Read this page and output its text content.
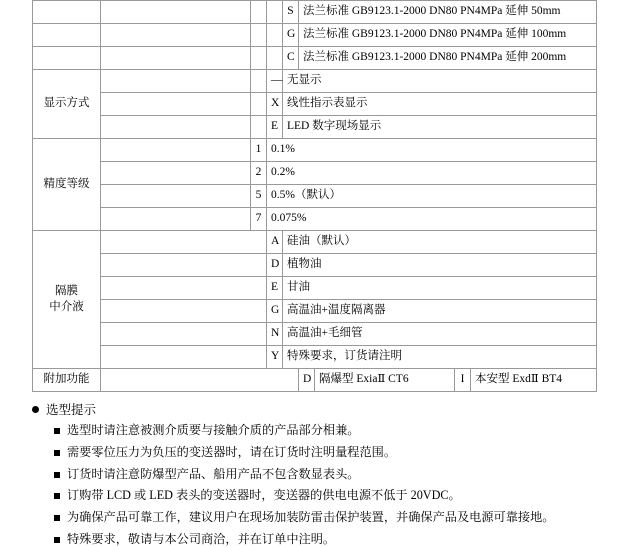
				S	法兰标准 GB9123.1-2000 DN80 PN4MPa 延伸 50mm			
				G	法兰标准 GB9123.1-2000 DN80 PN4MPa 延伸 100mm			
				C	法兰标准 GB9123.1-2000 DN80 PN4MPa 延伸 200mm			
显示方式			—	无显示				
			X	线性指示表显示				
			E	LED 数字现场显示				
精度等级		1	0.1%					
		2	0.2%					
		5	0.5%（默认）					
		7	0.075%					

隔膜
中介液			A	硅油（默认）				
			D	植物油				
			E	甘油				
			G	高温油+温度隔离器				
			N	高温油+毛细管				
			Y	特殊要求，订货请注明				
附加功能					D	隔爆型 ExiaⅡ CT6	I	本安型 ExdⅡ BT4
选型提示
选型时请注意被测介质要与接触介质的产品部分相兼。
需要零位压力为负压的变送器时，请在订货时注明量程范围。
订货时请注意防爆型产品、船用产品不包含数显表头。
订购带 LCD 或 LED 表头的变送器时，变送器的供电电源不低于 20VDC。
为确保产品可靠工作，建议用户在现场加装防雷击保护装置，并确保产品及电源可靠接地。
特殊要求，敬请与本公司商洽，并在订单中注明。
